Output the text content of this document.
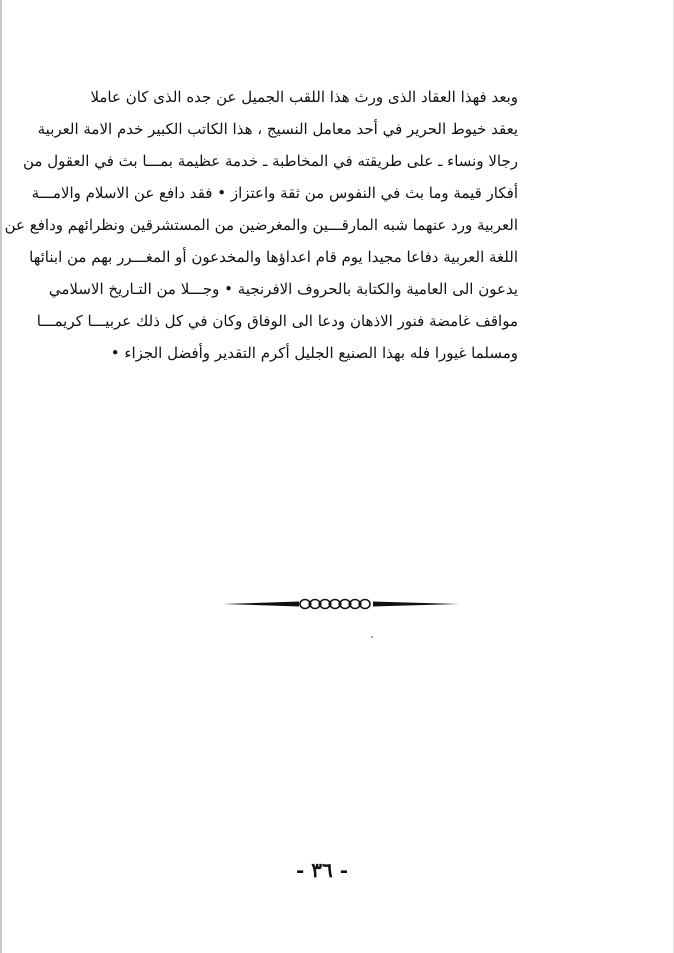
وبعد فهذا العقاد الذى ورث هذا اللقب الجميل عن جده الذى كان عاملا
يعقد خيوط الحرير في أحد معامل النسيج ، هذا الكاتب الكبير خدم الامة العربية
رجالا ونساء ـ على طريقته في المخاطبة ـ خدمة عظيمة بمـــا بث في العقول من
أفكار قيمة وما بث في النفوس من ثقة واعتزاز • فقد دافع عن الاسلام والامـــة
العربية ورد عنهما شبه المارقـــين والمغرضين من المستشرقين ونظرائهم ودافع عن
اللغة العربية دفاعا مجيدا يوم قام اعداؤها والمخدعون أو المغـــرر بهم من ابنائها
يدعون الى العامية والكتابة بالحروف الافرنجية • وجـــلا من التـاريخ الاسلامي
مواقف غامضة فنور الاذهان ودعا الى الوفاق وكان في كل ذلك عربيـــا كريمـــا
ومسلما غيورا فله بهذا الصنيع الجليل أكرم التقدير وأفضل الجزاء •
- ٣٦ -
